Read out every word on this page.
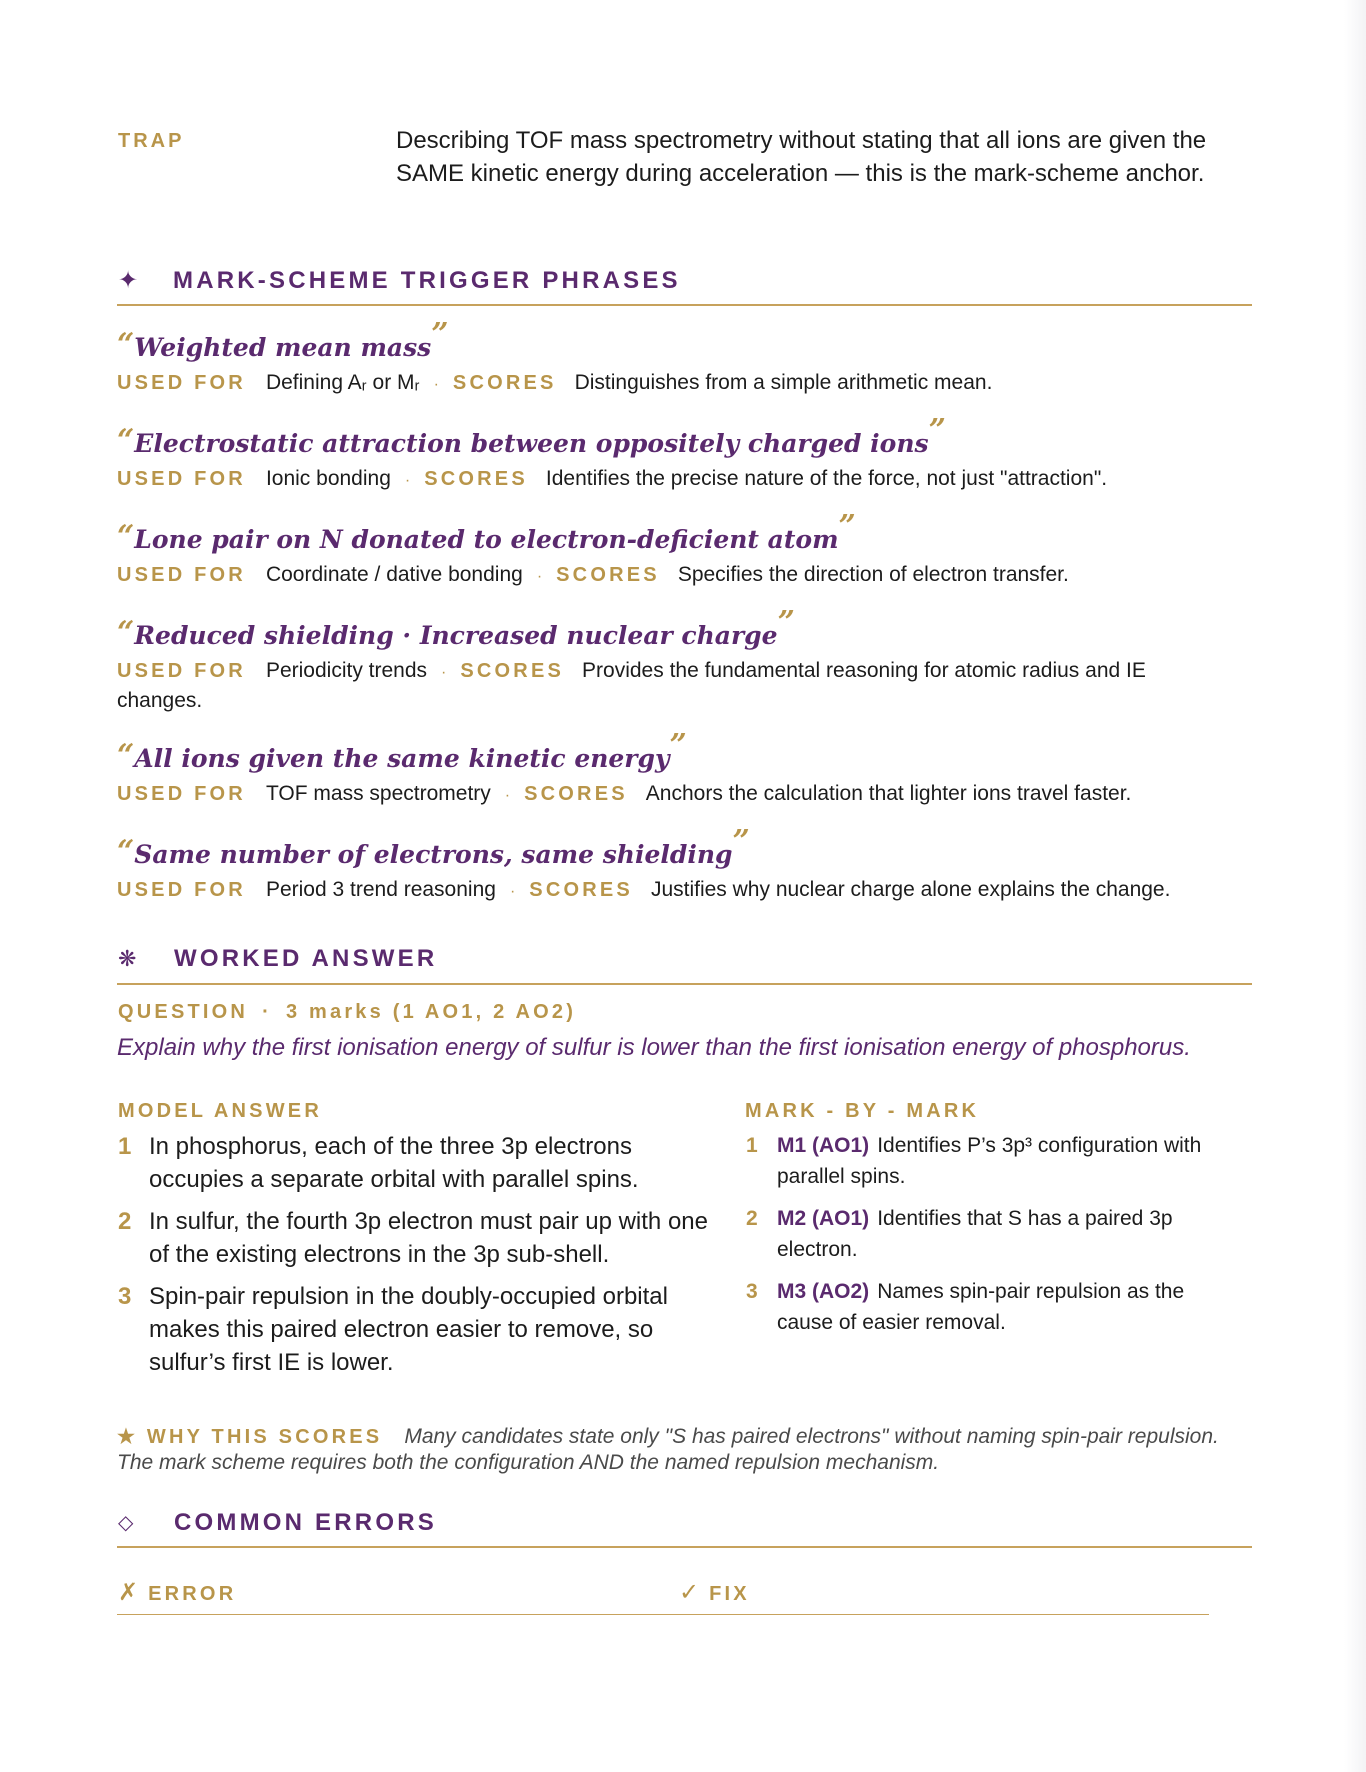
TRAP	Describing TOF mass spectrometry without stating that all ions are given the SAME kinetic energy during acceleration — this is the mark-scheme anchor.
✦ MARK-SCHEME TRIGGER PHRASES
“Weighted mean mass”
USED FOR Defining Aᵣ or Mᵣ · SCORES Distinguishes from a simple arithmetic mean.
“Electrostatic attraction between oppositely charged ions”
USED FOR Ionic bonding · SCORES Identifies the precise nature of the force, not just "attraction".
“Lone pair on N donated to electron-deficient atom”
USED FOR Coordinate / dative bonding · SCORES Specifies the direction of electron transfer.
“Reduced shielding · Increased nuclear charge”
USED FOR Periodicity trends · SCORES Provides the fundamental reasoning for atomic radius and IE changes.
“All ions given the same kinetic energy”
USED FOR TOF mass spectrometry · SCORES Anchors the calculation that lighter ions travel faster.
“Same number of electrons, same shielding”
USED FOR Period 3 trend reasoning · SCORES Justifies why nuclear charge alone explains the change.
❋ WORKED ANSWER
QUESTION · 3 marks (1 AO1, 2 AO2)
Explain why the first ionisation energy of sulfur is lower than the first ionisation energy of phosphorus.
MODEL ANSWER
1 In phosphorus, each of the three 3p electrons occupies a separate orbital with parallel spins.
2 In sulfur, the fourth 3p electron must pair up with one of the existing electrons in the 3p sub-shell.
3 Spin-pair repulsion in the doubly-occupied orbital makes this paired electron easier to remove, so sulfur’s first IE is lower.
MARK - BY - MARK
1 M1 (AO1) Identifies P’s 3p³ configuration with parallel spins.
2 M2 (AO1) Identifies that S has a paired 3p electron.
3 M3 (AO2) Names spin-pair repulsion as the cause of easier removal.
★ WHY THIS SCORES Many candidates state only "S has paired electrons" without naming spin-pair repulsion. The mark scheme requires both the configuration AND the named repulsion mechanism.
◇ COMMON ERRORS
✗ ERROR	✓ FIX
